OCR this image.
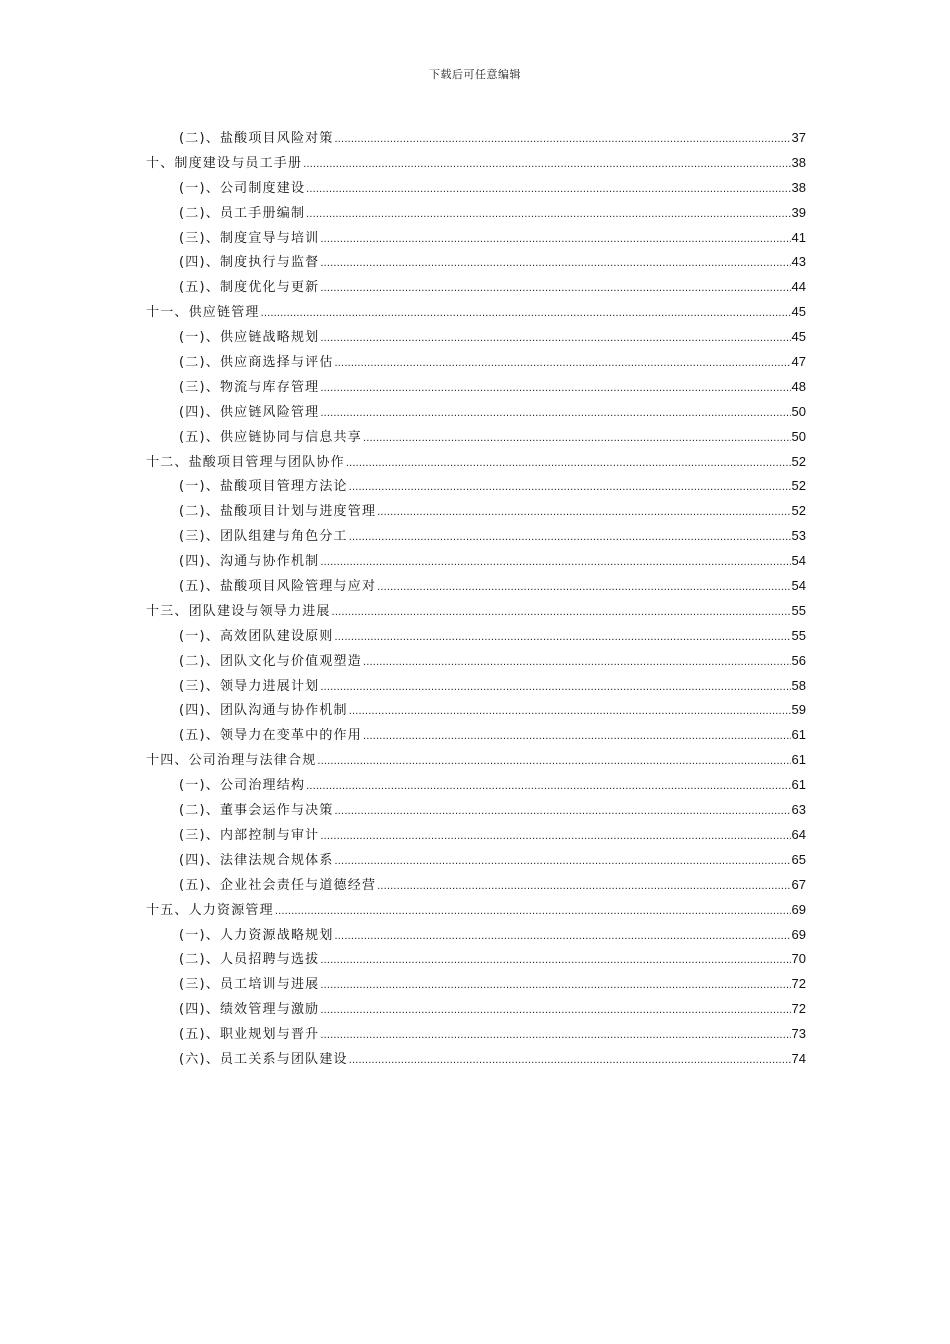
下载后可任意编辑
(二)、盐酸项目风险对策 .....	37
十、制度建设与员工手册 .....	38
(一)、公司制度建设 .....	38
(二)、员工手册编制 .....	39
(三)、制度宣导与培训 .....	41
(四)、制度执行与监督 .....	43
(五)、制度优化与更新 .....	44
十一、供应链管理 .....	45
(一)、供应链战略规划 .....	45
(二)、供应商选择与评估 .....	47
(三)、物流与库存管理 .....	48
(四)、供应链风险管理 .....	50
(五)、供应链协同与信息共享 .....	50
十二、盐酸项目管理与团队协作 .....	52
(一)、盐酸项目管理方法论 .....	52
(二)、盐酸项目计划与进度管理 .....	52
(三)、团队组建与角色分工 .....	53
(四)、沟通与协作机制 .....	54
(五)、盐酸项目风险管理与应对 .....	54
十三、团队建设与领导力进展 .....	55
(一)、高效团队建设原则 .....	55
(二)、团队文化与价值观塑造 .....	56
(三)、领导力进展计划 .....	58
(四)、团队沟通与协作机制 .....	59
(五)、领导力在变革中的作用 .....	61
十四、公司治理与法律合规 .....	61
(一)、公司治理结构 .....	61
(二)、董事会运作与决策 .....	63
(三)、内部控制与审计 .....	64
(四)、法律法规合规体系 .....	65
(五)、企业社会责任与道德经营 .....	67
十五、人力资源管理 .....	69
(一)、人力资源战略规划 .....	69
(二)、人员招聘与选拔 .....	70
(三)、员工培训与进展 .....	72
(四)、绩效管理与激励 .....	72
(五)、职业规划与晋升 .....	73
(六)、员工关系与团队建设 .....	74
